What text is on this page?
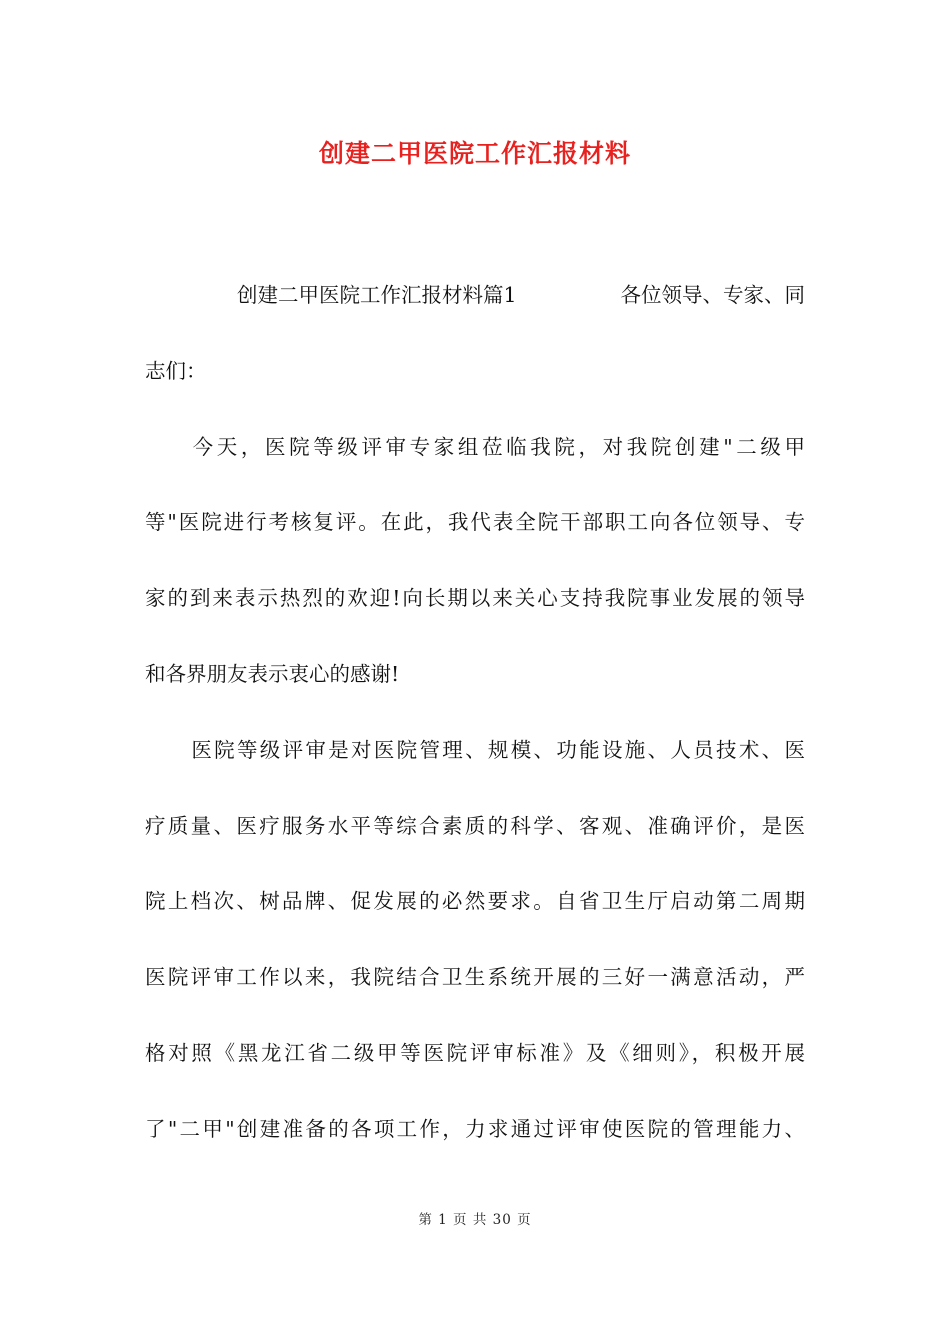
创建二甲医院工作汇报材料
创建二甲医院工作汇报材料篇1	各位领导、专家、同
志们：
今天，医院等级评审专家组莅临我院，对我院创建"二级甲
等"医院进行考核复评。在此，我代表全院干部职工向各位领导、专
家的到来表示热烈的欢迎!向长期以来关心支持我院事业发展的领导
和各界朋友表示衷心的感谢!
医院等级评审是对医院管理、规模、功能设施、人员技术、医
疗质量、医疗服务水平等综合素质的科学、客观、准确评价，是医
院上档次、树品牌、促发展的必然要求。自省卫生厅启动第二周期
医院评审工作以来，我院结合卫生系统开展的三好一满意活动，严
格对照《黑龙江省二级甲等医院评审标准》及《细则》，积极开展
了"二甲"创建准备的各项工作，力求通过评审使医院的管理能力、
第 1 页 共 30 页
